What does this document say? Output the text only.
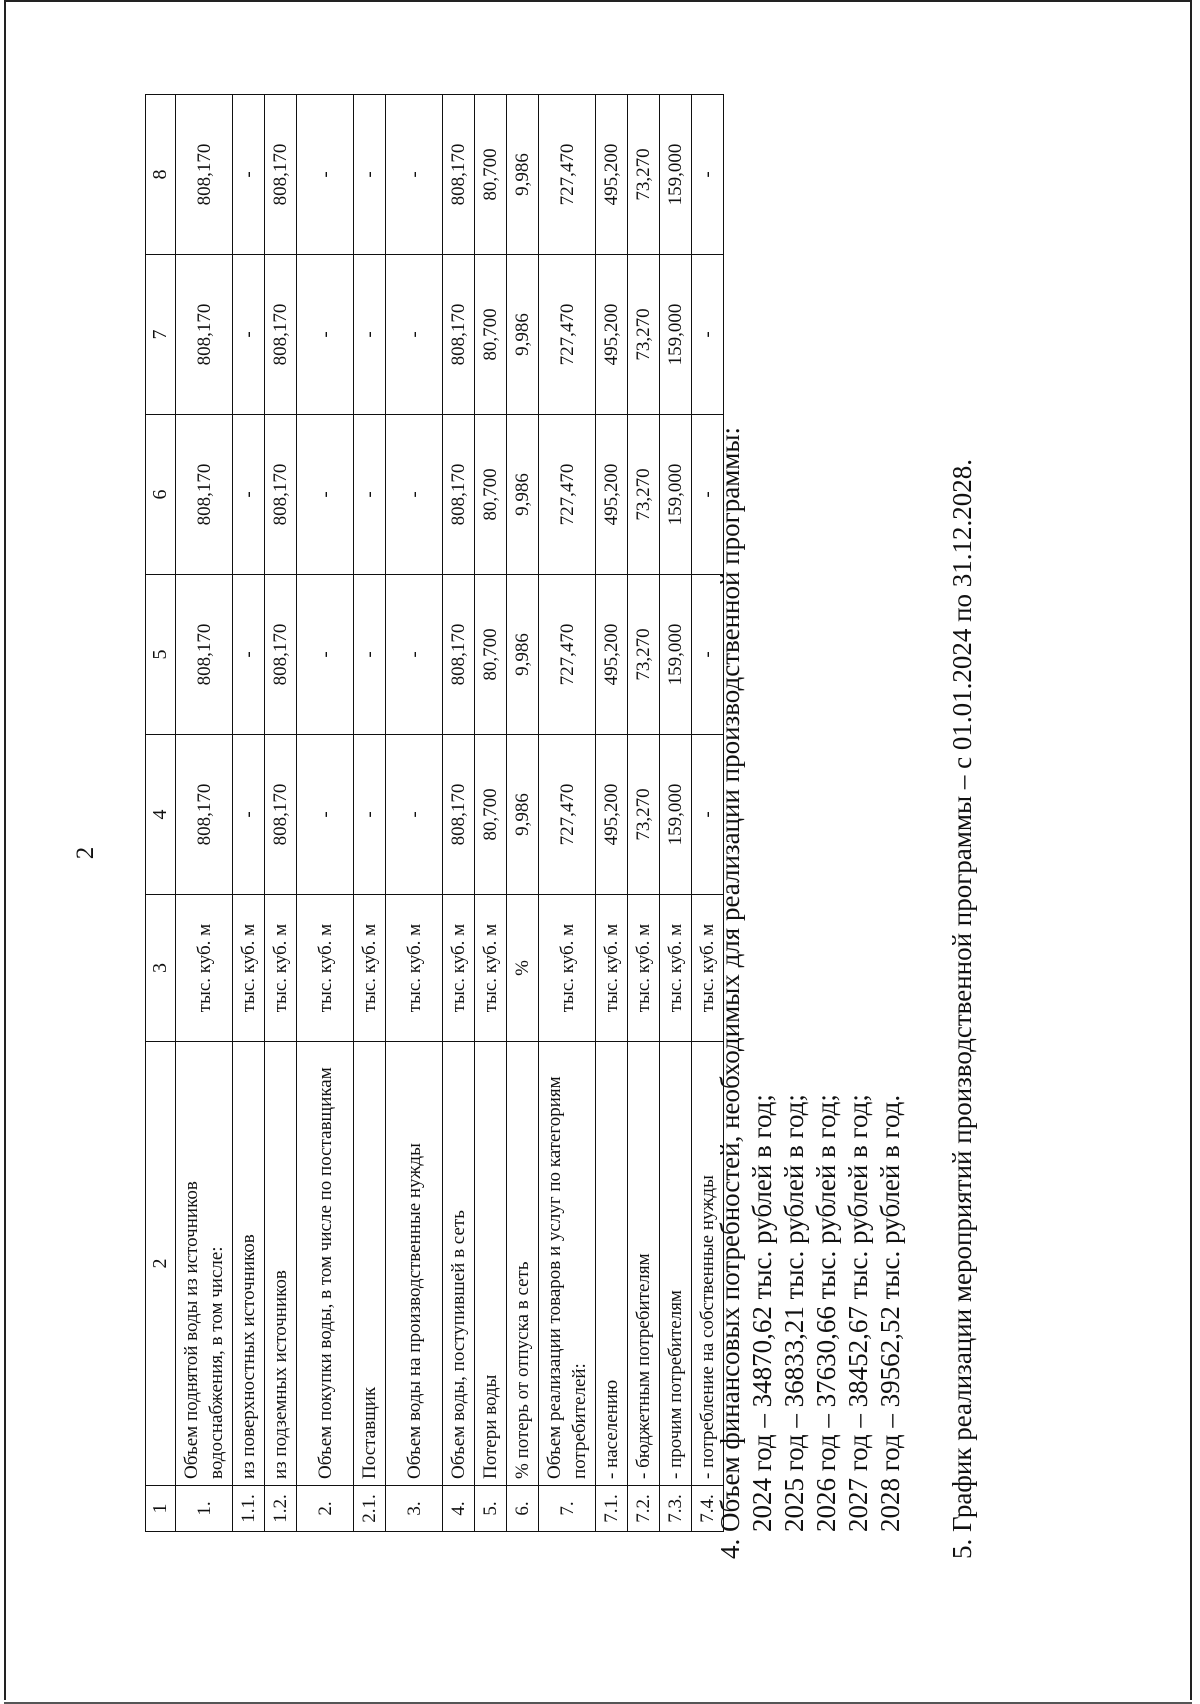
2
1	2	3	4	5	6	7	8
1.	Объем поднятой воды из источников водоснабжения, в том числе:	тыс. куб. м	808,170	808,170	808,170	808,170	808,170
1.1.	из поверхностных источников	тыс. куб. м	-	-	-	-	-
1.2.	из подземных источников	тыс. куб. м	808,170	808,170	808,170	808,170	808,170
2.	Объем покупки воды, в том числе по поставщикам	тыс. куб. м	-	-	-	-	-
2.1.	Поставщик	тыс. куб. м	-	-	-	-	-
3.	Объем воды на производственные нужды	тыс. куб. м	-	-	-	-	-
4.	Объем воды, поступившей в сеть	тыс. куб. м	808,170	808,170	808,170	808,170	808,170
5.	Потери воды	тыс. куб. м	80,700	80,700	80,700	80,700	80,700
6.	% потерь от отпуска в сеть	%	9,986	9,986	9,986	9,986	9,986
7.	Объем реализации товаров и услуг по категориям потребителей:	тыс. куб. м	727,470	727,470	727,470	727,470	727,470
7.1.	- населению	тыс. куб. м	495,200	495,200	495,200	495,200	495,200
7.2.	- бюджетным потребителям	тыс. куб. м	73,270	73,270	73,270	73,270	73,270
7.3.	- прочим потребителям	тыс. куб. м	159,000	159,000	159,000	159,000	159,000
7.4.	- потребление на собственные нужды	тыс. куб. м	-	-	-	-	-
4. Объем финансовых потребностей, необходимых для реализации производственной программы: 2024 год – 34870,62 тыс. рублей в год; 2025 год – 36833,21 тыс. рублей в год; 2026 год – 37630,66 тыс. рублей в год; 2027 год – 38452,67 тыс. рублей в год; 2028 год – 39562,52 тыс. рублей в год. 5. График реализации мероприятий производственной программы – с 01.01.2024 по 31.12.2028.
